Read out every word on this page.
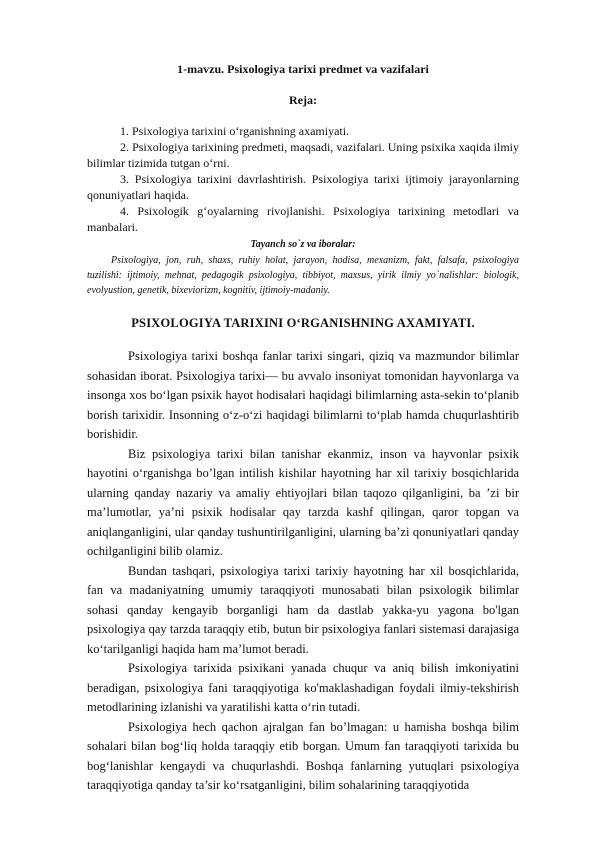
1-mavzu. Psixologiya tarixi predmet va vazifalari
Reja:

1. Psixologiya tarixini o‘rganishning axamiyati.

2. Psixologiya tarixining predmeti, maqsadi, vazifalari. Uning psixika xaqida ilmiy bilimlar tizimida tutgan o‘rni.

3. Psixologiya tarixini davrlashtirish. Psixologiya tarixi ijtimoiy jarayonlarning qonuniyatlari haqida.

4. Psixologik g‘oyalarning rivojlanishi. Psixologiya tarixining metodlari va manbalari.

Tayanch so`z va iboralar:

Psixologiya, jon, ruh, shaxs, ruhiy holat, jarayon, hodisa, mexanizm, fakt, falsafa, psixologiya tuzilishi: ijtimoiy, mehnat, pedagogik psixologiya, tibbiyot, maxsus, yirik ilmiy yo`nalishlar: biologik, evolyustion, genetik, bixeviorizm, kognitiv, ijtimoiy-madaniy.

PSIXOLOGIYA TARIXINI O‘RGANISHNING AXAMIYATI.

Psixologiya tarixi boshqa fanlar tarixi singari, qiziq va mazmundor bilimlar sohasidan iborat. Psixologiya tarixi— bu avvalo insoniyat tomonidan hayvonlarga va insonga xos bo‘lgan psixik hayot hodisalari haqidagi bilimlarning asta-sekin to‘planib borish tarixidir. Insonning o‘z-o‘zi haqidagi bilimlarni to‘plab hamda chuqurlashtirib borishidir.

Biz psixologiya tarixi bilan tanishar ekanmiz, inson va hayvonlar psixik hayotini o‘rganishga bo’lgan intilish kishilar hayotning har xil tarixiy bosqichlarida ularning qanday nazariy va amaliy ehtiyojlari bilan taqozo qilganligini, ba ’zi bir ma’lumotlar, ya’ni psixik hodisalar qay tarzda kashf qilingan, qaror topgan va aniqlanganligini, ular qanday tushuntirilganligini, ularning ba’zi qonuniyatlari qanday ochilganligini bilib olamiz.

Bundan tashqari, psixologiya tarixi tarixiy hayotning har xil bosqichlarida, fan va madaniyatning umumiy taraqqiyoti munosabati bilan psixologik bilimlar sohasi qanday kengayib borganligi ham da dastlab yakka-yu yagona bo'lgan psixologiya qay tarzda taraqqiy etib, butun bir psixologiya fanlari sistemasi darajasiga ko‘tarilganligi haqida ham ma’lumot beradi.

Psixologiya tarixida psixikani yanada chuqur va aniq bilish imkoniyatini beradigan, psixologiya fani taraqqiyotiga ko'maklashadigan foydali ilmiy-tekshirish metodlarining izlanishi va yaratilishi katta o‘rin tutadi.

Psixologiya hech qachon ajralgan fan bo’lmagan: u hamisha boshqa bilim sohalari bilan bog‘liq holda taraqqiy etib borgan. Umum fan taraqqiyoti tarixida bu bog‘lanishlar kengaydi va chuqurlashdi. Boshqa fanlarning yutuqlari psixologiya taraqqiyotiga qanday ta’sir ko‘rsatganligini, bilim sohalarining taraqqiyotida
